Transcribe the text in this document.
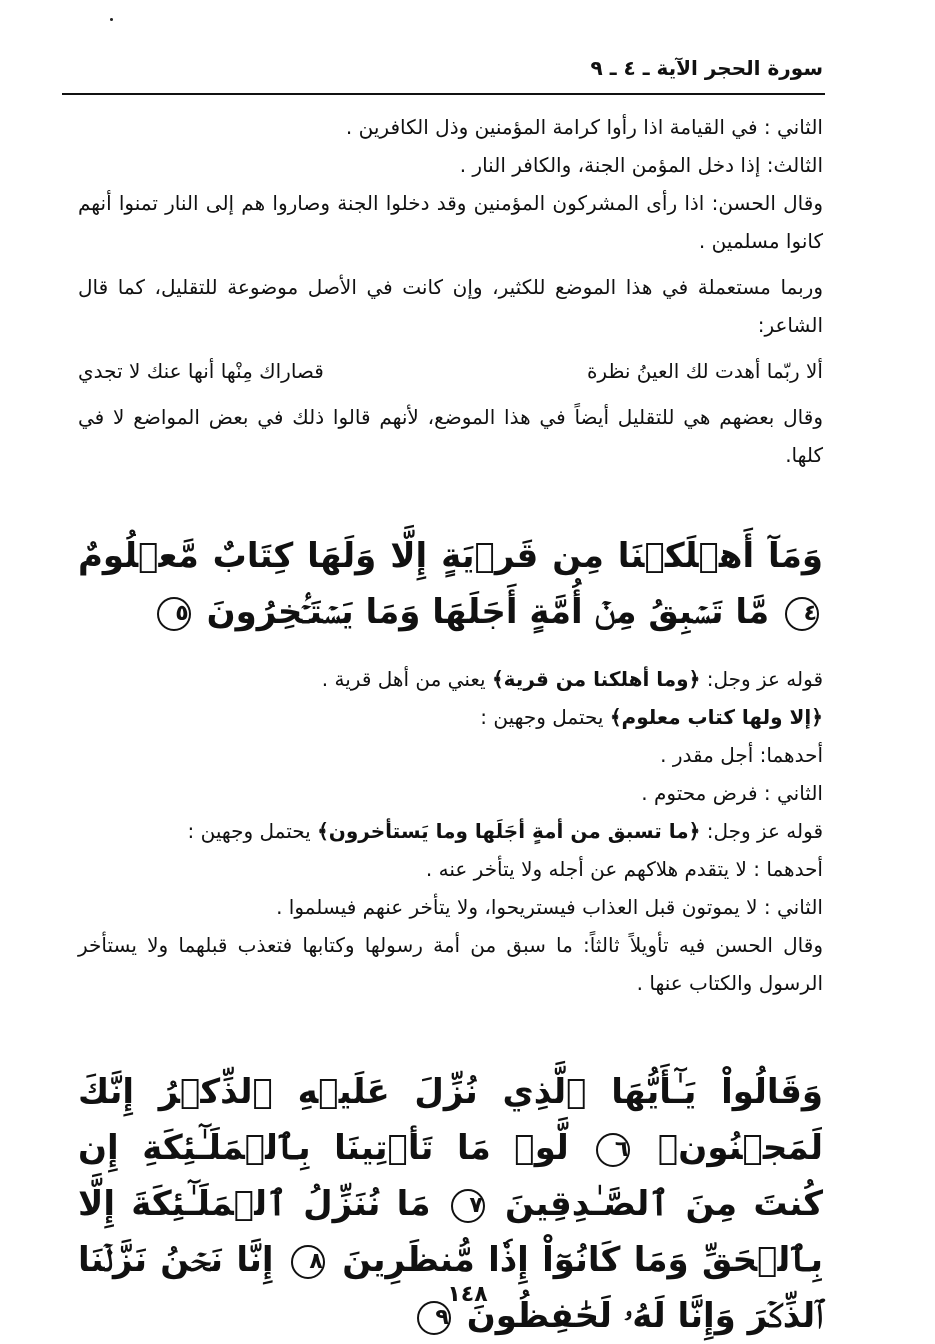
سورة الحجر الآية ـ ٤ ـ ٩

الثاني : في القيامة اذا رأوا كرامة المؤمنين وذل الكافرين .

الثالث: إذا دخل المؤمن الجنة، والكافر النار .

وقال الحسن: اذا رأى المشركون المؤمنين وقد دخلوا الجنة وصاروا هم إلى النار تمنوا أنهم كانوا مسلمين .

وربما مستعملة في هذا الموضع للكثير، وإن كانت في الأصل موضوعة للتقليل، كما قال الشاعر:

ألا ربّما أهدت لك العينُ نظرة
قصاراك مِنْها أنها عنك لا تجدي

وقال بعضهم هي للتقليل أيضاً في هذا الموضع، لأنهم قالوا ذلك في بعض المواضع لا في كلها.

وَمَآ أَهۡلَكۡنَا مِن قَرۡيَةٍ إِلَّا وَلَهَا كِتَابٌ مَّعۡلُومٌ ٤ مَّا تَسۡبِقُ مِنۡ أُمَّةٍ أَجَلَهَا وَمَا يَسۡتَـٔۡخِرُونَ ٥

قوله عز وجل: ﴿وما أهلكنا من قرية﴾ يعني من أهل قرية .

﴿إلا ولها كتاب معلوم﴾ يحتمل وجهين :

أحدهما: أجل مقدر .

الثاني : فرض محتوم .

قوله عز وجل: ﴿ما تسبق من أمةٍ أجَلَها وما يَستأخرون﴾ يحتمل وجهين :

أحدهما : لا يتقدم هلاكهم عن أجله ولا يتأخر عنه .

الثاني : لا يموتون قبل العذاب فيستريحوا، ولا يتأخر عنهم فيسلموا .

وقال الحسن فيه تأويلاً ثالثاً: ما سبق من أمة رسولها وكتابها فتعذب قبلهما ولا يستأخر الرسول والكتاب عنها .

وَقَالُواْ يَـٰٓأَيُّهَا ٱلَّذِي نُزِّلَ عَلَيۡهِ ٱلذِّكۡرُ إِنَّكَ لَمَجۡنُونٞ ٦ لَّوۡ مَا تَأۡتِينَا بِٱلۡمَلَـٰٓئِكَةِ إِن كُنتَ مِنَ ٱلصَّـٰدِقِينَ ٧ مَا نُنَزِّلُ ٱلۡمَلَـٰٓئِكَةَ إِلَّا بِٱلۡحَقِّ وَمَا كَانُوٓاْ إِذٗا مُّنظَرِينَ ٨ إِنَّا نَحۡنُ نَزَّلۡنَا ٱلذِّكۡرَ وَإِنَّا لَهُۥ لَحَٰفِظُونَ ٩
١٤٨
